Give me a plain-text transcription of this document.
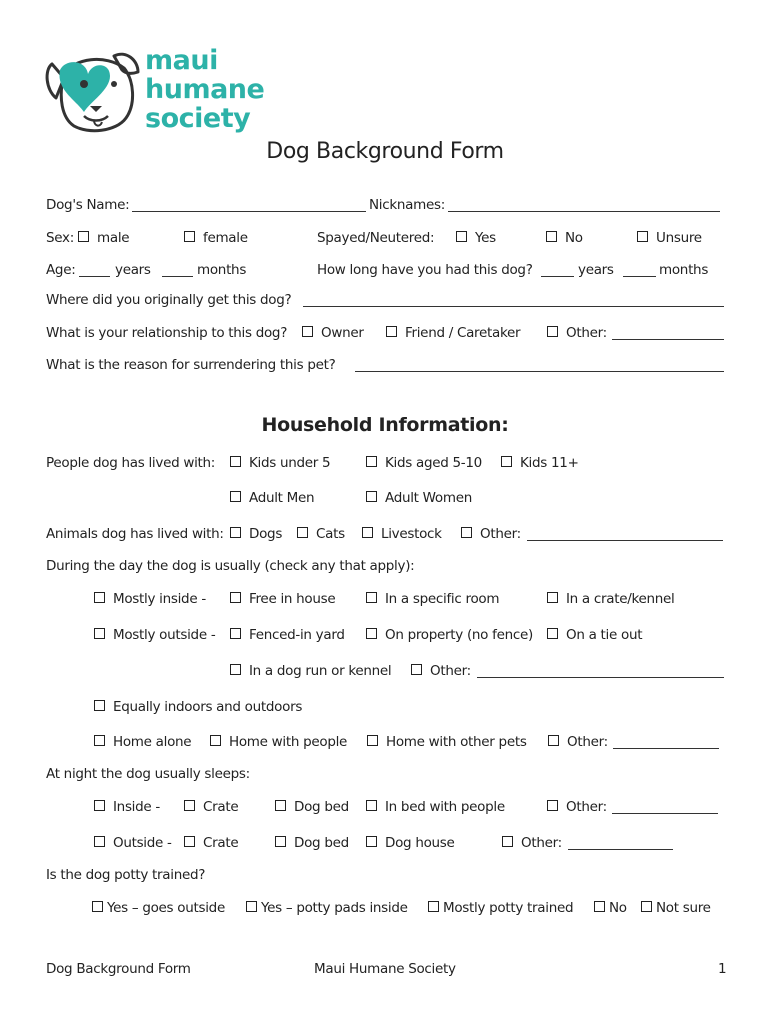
maui
humane
society
Dog Background Form
Dog's Name:	Nicknames:
Sex: male	female	Spayed/Neutered:	Yes	No	Unsure
Age:	years	months	How long have you had this dog?	years	months
Where did you originally get this dog?
What is your relationship to this dog?	Owner	Friend / Caretaker	Other:
What is the reason for surrendering this pet?
Household Information:
People dog has lived with:	Kids under 5	Kids aged 5-10	Kids 11+
Adult Men	Adult Women
Animals dog has lived with: Dogs	Cats	Livestock	Other:
During the day the dog is usually (check any that apply):
Mostly inside -	Free in house	In a specific room	In a crate/kennel
Mostly outside - Fenced-in yard	On property (no fence) On a tie out
In a dog run or kennel	Other:
Equally indoors and outdoors
Home alone	Home with people	Home with other pets	Other:
At night the dog usually sleeps:
Inside -	Crate	Dog bed	In bed with people	Other:
Outside - Crate	Dog bed	Dog house	Other:
Is the dog potty trained?
Yes – goes outside	Yes – potty pads inside	Mostly potty trained	No Not sure
Dog Background Form	Maui Humane Society	1
